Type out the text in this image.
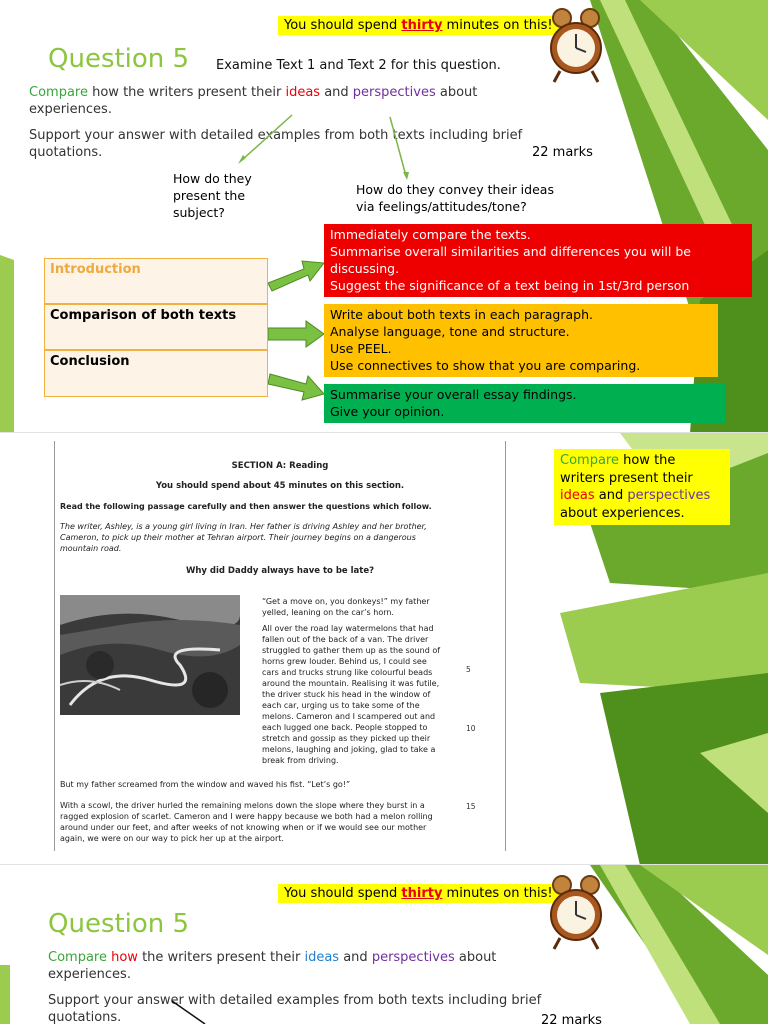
You should spend thirty minutes on this!
Question 5 Examine Text 1 and Text 2 for this question.
Compare how the writers present their ideas and perspectives about experiences.
Support your answer with detailed examples from both texts including brief quotations.	22 marks
How do they present the subject?
How do they convey their ideas via feelings/attitudes/tone?
Introduction
Comparison of both texts
Conclusion
Immediately compare the texts.
Summarise overall similarities and differences you will be discussing.
Suggest the significance of a text being in 1st/3rd person
Write about both texts in each paragraph.
Analyse language, tone and structure.
Use PEEL.
Use connectives to show that you are comparing.
Summarise your overall essay findings.
Give your opinion.
SECTION A: Reading
You should spend about 45 minutes on this section.
Read the following passage carefully and then answer the questions which follow.
The writer, Ashley, is a young girl living in Iran. Her father is driving Ashley and her brother, Cameron, to pick up their mother at Tehran airport. Their journey begins on a dangerous mountain road.
Why did Daddy always have to be late?
“Get a move on, you donkeys!” my father yelled, leaning on the car’s horn.
All over the road lay watermelons that had fallen out of the back of a van. The driver struggled to gather them up as the sound of horns grew louder. Behind us, I could see cars and trucks strung like colourful beads around the mountain. Realising it was futile, the driver stuck his head in the window of each car, urging us to take some of the melons. Cameron and I scampered out and each lugged one back. People stopped to stretch and gossip as they picked up their melons, laughing and joking, glad to take a break from driving.
But my father screamed from the window and waved his fist. “Let’s go!”
With a scowl, the driver hurled the remaining melons down the slope where they burst in a ragged explosion of scarlet. Cameron and I were happy because we both had a melon rolling around under our feet, and after weeks of not knowing when or if we would see our mother again, we were on our way to pick her up at the airport.
5
10
15
Compare how the writers present their ideas and perspectives about experiences.
You should spend thirty minutes on this!
Question 5
Compare how the writers present their ideas and perspectives about experiences.
Support your answer with detailed examples from both texts including brief quotations.	22 marks
